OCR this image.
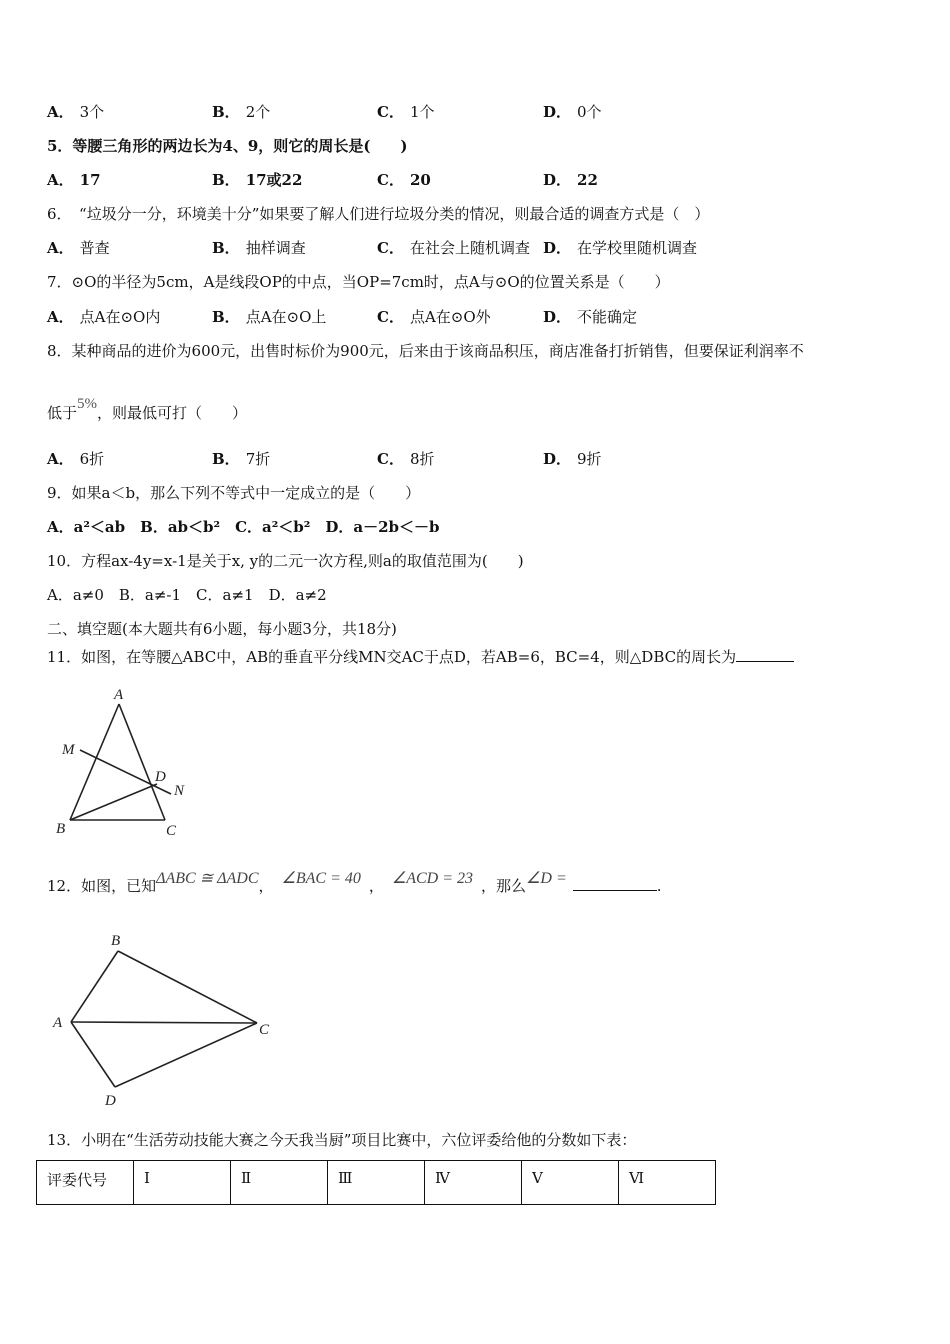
A． 3个	B． 2个	C． 1个	D． 0个
5．等腰三角形的两边长为4、9，则它的周长是(　　)
A． 17	B． 17或22	C． 20	D． 22
6．　“垃圾分一分，环境美十分”如果要了解人们进行垃圾分类的情况，则最合适的调查方式是（　）
A． 普查	B． 抽样调查	C． 在社会上随机调查 D． 在学校里随机调查
7．⊙O的半径为5cm，A是线段OP的中点，当OP=7cm时，点A与⊙O的位置关系是（　　）
A． 点A在⊙O内	B． 点A在⊙O上	C． 点A在⊙O外	D． 不能确定
8．某种商品的进价为600元，出售时标价为900元，后来由于该商品积压，商店准备打折销售，但要保证利润率不
低于5%，则最低可打（　　）
A． 6折	B． 7折	C． 8折	D． 9折
9．如果a＜b，那么下列不等式中一定成立的是（　　）
A．a²＜ab　B．ab＜b²　C．a²＜b²　D．a－2b＜－b
10．方程ax-4y=x-1是关于x, y的二元一次方程,则a的取值范围为(　　)
A．a≠0　B．a≠-1　C．a≠1　D．a≠2
二、填空题(本大题共有6小题，每小题3分，共18分)
11．如图，在等腰△ABC中，AB的垂直平分线MN交AC于点D，若AB=6，BC=4，则△DBC的周长为
A
M
D
N
B	C
12．如图，已知ΔABC ≅ ΔADC， ∠BAC = 40 ， ∠ACD = 23 ，那么∠D =	.
B
A	C
D
13．小明在“生活劳动技能大赛之今天我当厨”项目比赛中，六位评委给他的分数如下表：
评委代号	Ⅰ	Ⅱ	Ⅲ	Ⅳ	Ⅴ	Ⅵ
